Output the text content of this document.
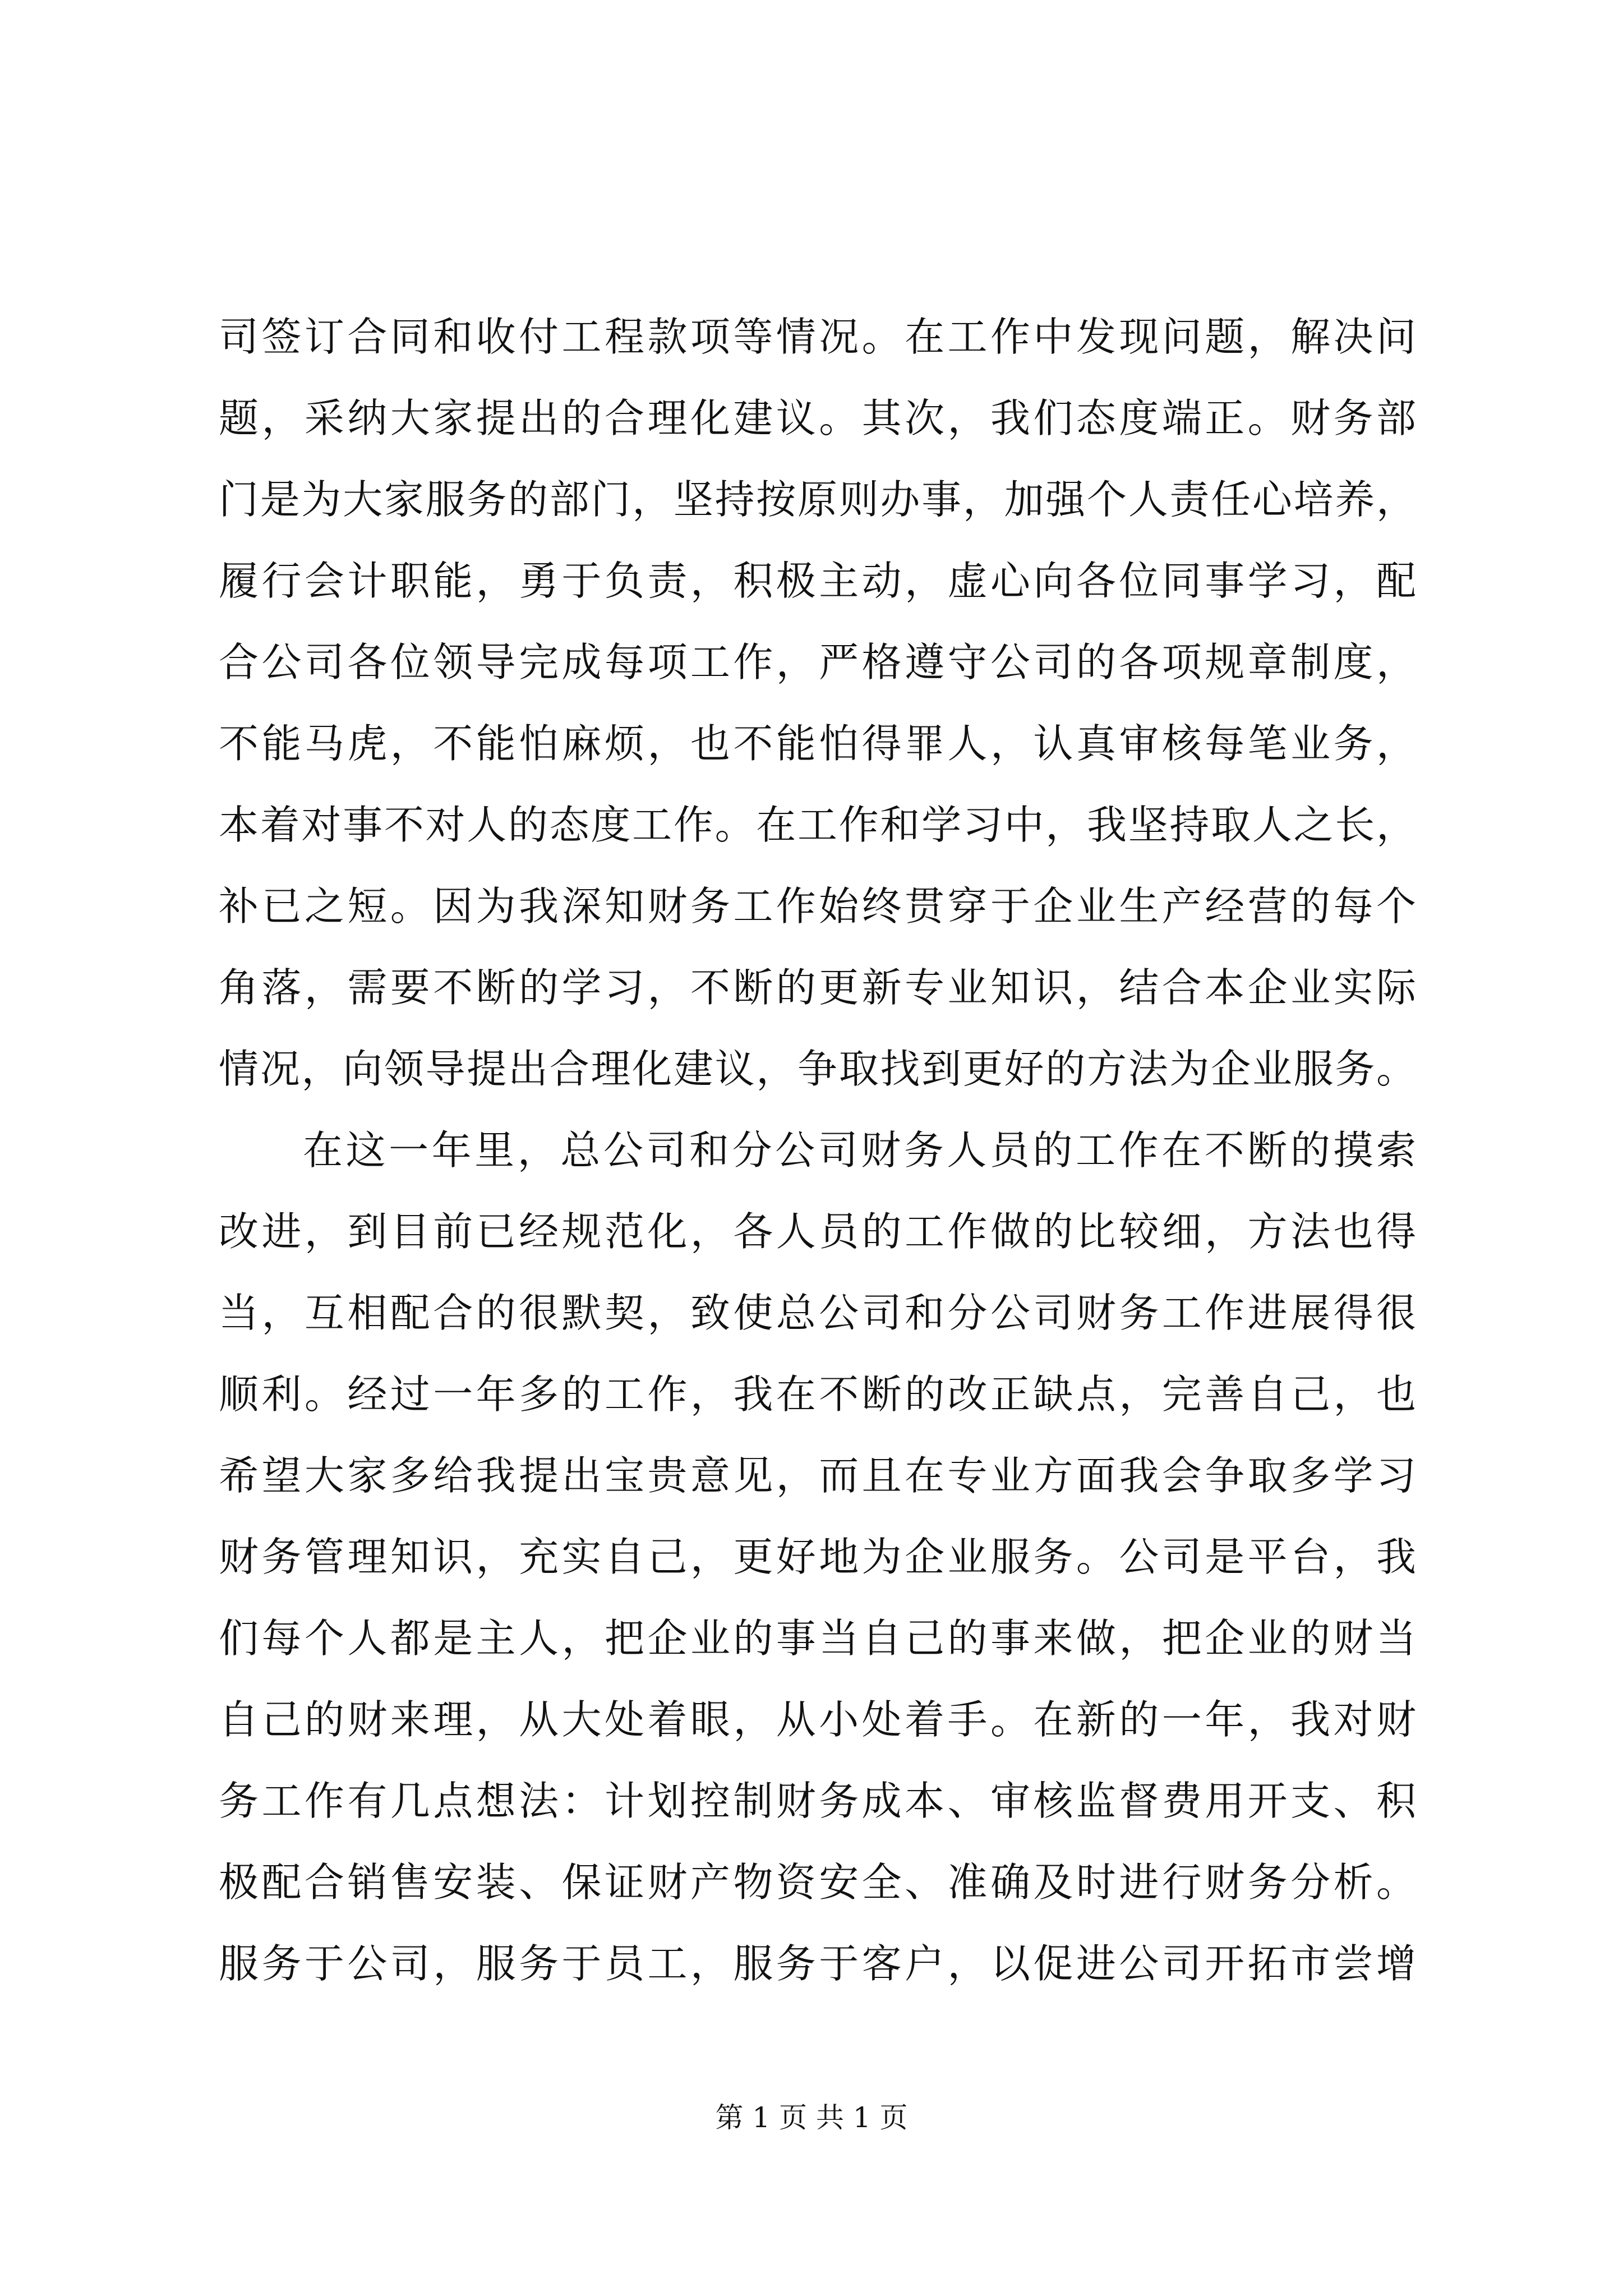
司签订合同和收付工程款项等情况。在工作中发现问题，解决问
题，采纳大家提出的合理化建议。其次，我们态度端正。财务部
门是为大家服务的部门，坚持按原则办事，加强个人责任心培养，
履行会计职能，勇于负责，积极主动，虚心向各位同事学习，配
合公司各位领导完成每项工作，严格遵守公司的各项规章制度，
不能马虎，不能怕麻烦，也不能怕得罪人，认真审核每笔业务，
本着对事不对人的态度工作。在工作和学习中，我坚持取人之长，
补已之短。因为我深知财务工作始终贯穿于企业生产经营的每个
角落，需要不断的学习，不断的更新专业知识，结合本企业实际
情况，向领导提出合理化建议，争取找到更好的方法为企业服务。
在这一年里，总公司和分公司财务人员的工作在不断的摸索
改进，到目前已经规范化，各人员的工作做的比较细，方法也得
当，互相配合的很默契，致使总公司和分公司财务工作进展得很
顺利。经过一年多的工作，我在不断的改正缺点，完善自己，也
希望大家多给我提出宝贵意见，而且在专业方面我会争取多学习
财务管理知识，充实自己，更好地为企业服务。公司是平台，我
们每个人都是主人，把企业的事当自己的事来做，把企业的财当
自己的财来理，从大处着眼，从小处着手。在新的一年，我对财
务工作有几点想法：计划控制财务成本、审核监督费用开支、积
极配合销售安装、保证财产物资安全、准确及时进行财务分析。
服务于公司，服务于员工，服务于客户，以促进公司开拓市尝增
第 1 页 共 1 页
